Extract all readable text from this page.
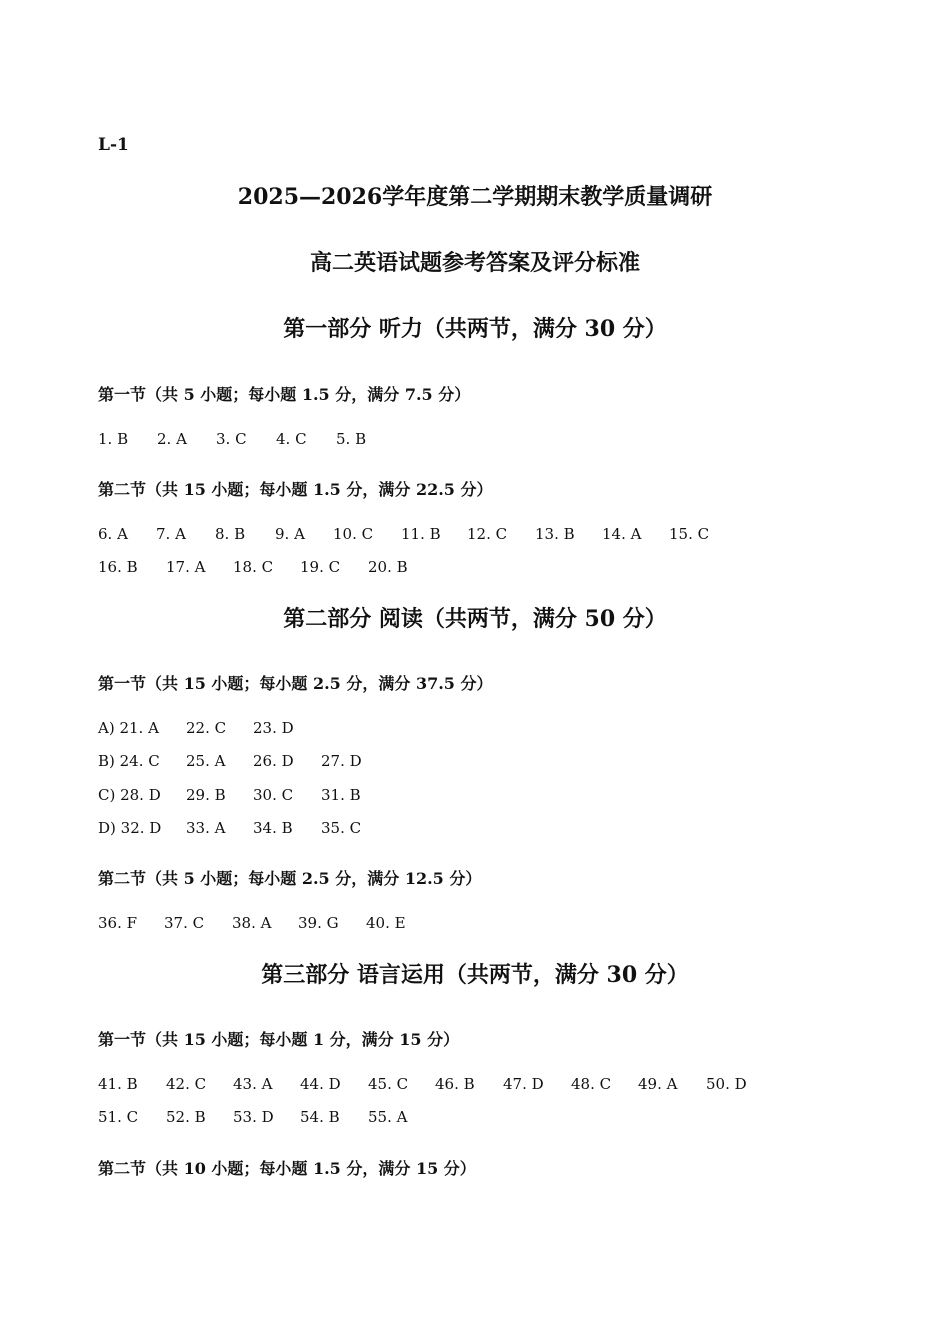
L-1
2025—2026学年度第二学期期末教学质量调研
高二英语试题参考答案及评分标准
第一部分 听力（共两节，满分 30 分）
第一节（共 5 小题；每小题 1.5 分，满分 7.5 分）
1. B 2. A 3. C 4. C 5. B
第二节（共 15 小题；每小题 1.5 分，满分 22.5 分）
6. A 7. A 8. B 9. A 10. C 11. B 12. C 13. B 14. A 15. C
16. B 17. A 18. C 19. C 20. B
第二部分 阅读（共两节，满分 50 分）
第一节（共 15 小题；每小题 2.5 分，满分 37.5 分）
A) 21. A 22. C 23. D
B) 24. C 25. A 26. D 27. D
C) 28. D 29. B 30. C 31. B
D) 32. D 33. A 34. B 35. C
第二节（共 5 小题；每小题 2.5 分，满分 12.5 分）
36. F 37. C 38. A 39. G 40. E
第三部分 语言运用（共两节，满分 30 分）
第一节（共 15 小题；每小题 1 分，满分 15 分）
41. B 42. C 43. A 44. D 45. C 46. B 47. D 48. C 49. A 50. D
51. C 52. B 53. D 54. B 55. A
第二节（共 10 小题；每小题 1.5 分，满分 15 分）
